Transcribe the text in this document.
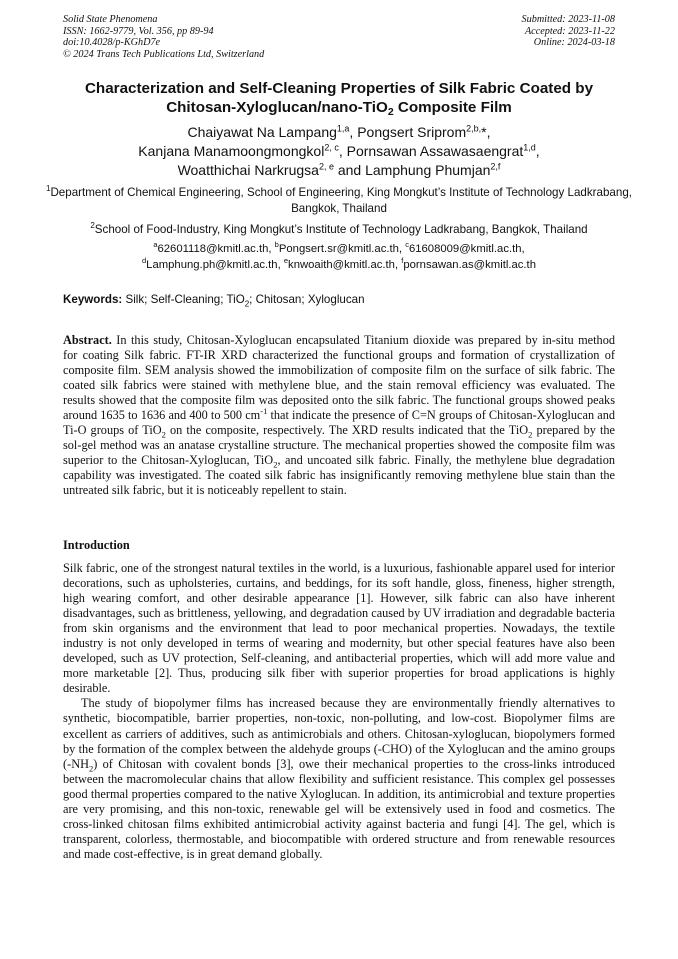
Solid State Phenomena
ISSN: 1662-9779, Vol. 356, pp 89-94
doi:10.4028/p-KGhD7e
© 2024 Trans Tech Publications Ltd, Switzerland
Submitted: 2023-11-08
Accepted: 2023-11-22
Online: 2024-03-18
Characterization and Self-Cleaning Properties of Silk Fabric Coated by
Chitosan-Xyloglucan/nano-TiO2 Composite Film
Chaiyawat Na Lampang$^{1,a}$, Pongsert Sriprom$^{2,b,}$*,
Kanjana Manamoongmongkol$^{2, c}$, Pornsawan Assawasaengrat$^{1,d}$,
Woatthichai Narkrugsa$^{2, e}$ and Lamphung Phumjan$^{2,f}$
$^1$Department of Chemical Engineering, School of Engineering, King Mongkut’s Institute of Technology Ladkrabang, Bangkok, Thailand
$^2$School of Food-Industry, King Mongkut’s Institute of Technology Ladkrabang, Bangkok, Thailand
$^a$62601118@kmitl.ac.th, $^b$Pongsert.sr@kmitl.ac.th, $^c$61608009@kmitl.ac.th,
$^d$Lamphung.ph@kmitl.ac.th, $^e$knwoaith@kmitl.ac.th, $^f$pornsawan.as@kmitl.ac.th
Keywords: Silk; Self-Cleaning; TiO$_2$; Chitosan; Xyloglucan
Abstract. In this study, Chitosan-Xyloglucan encapsulated Titanium dioxide was prepared by in-situ method for coating Silk fabric. FT-IR XRD characterized the functional groups and formation of crystallization of composite film. SEM analysis showed the immobilization of composite film on the surface of silk fabric. The coated silk fabrics were stained with methylene blue, and the stain removal efficiency was evaluated. The results showed that the composite film was deposited onto the silk fabric. The functional groups showed peaks around 1635 to 1636 and 400 to 500 $cm^{-1}$ that indicate the presence of C=N groups of Chitosan-Xyloglucan and Ti-O groups of TiO$_2$ on the composite, respectively. The XRD results indicated that the TiO$_2$ prepared by the sol-gel method was an anatase crystalline structure. The mechanical properties showed the composite film was superior to the Chitosan-Xyloglucan, TiO$_2$, and uncoated silk fabric. Finally, the methylene blue degradation capability was investigated. The coated silk fabric has insignificantly removing methylene blue stain than the untreated silk fabric, but it is noticeably repellent to stain.
Introduction

Silk fabric, one of the strongest natural textiles in the world, is a luxurious, fashionable apparel used for interior decorations, such as upholsteries, curtains, and beddings, for its soft handle, gloss, fineness, higher strength, high wearing comfort, and other desirable appearance [1]. However, silk fabric can also have inherent disadvantages, such as brittleness, yellowing, and degradation caused by UV irradiation and degradable bacteria from skin organisms and the environment that lead to poor mechanical properties. Nowadays, the textile industry is not only developed in terms of wearing and modernity, but other special features have also been developed, such as UV protection, Self-cleaning, and antibacterial properties, which will add more value and more marketable [2]. Thus, producing silk fiber with superior properties for broad applications is highly desirable.

The study of biopolymer films has increased because they are environmentally friendly alternatives to synthetic, biocompatible, barrier properties, non-toxic, non-polluting, and low-cost. Biopolymer films are excellent as carriers of additives, such as antimicrobials and others. Chitosan-xyloglucan, biopolymers formed by the formation of the complex between the aldehyde groups (-CHO) of the Xyloglucan and the amino groups $(-NH_2)$ of Chitosan with covalent bonds [3], owe their mechanical properties to the cross-links introduced between the macromolecular chains that allow flexibility and sufficient resistance. This complex gel possesses good thermal properties compared to the native Xyloglucan. In addition, its antimicrobial and texture properties are very promising, and this non-toxic, renewable gel will be extensively used in food and cosmetics. The cross-linked chitosan films exhibited antimicrobial activity against bacteria and fungi [4]. The gel, which is transparent, colorless, thermostable, and biocompatible with ordered structure and from renewable resources and made cost-effective, is in great demand globally.
